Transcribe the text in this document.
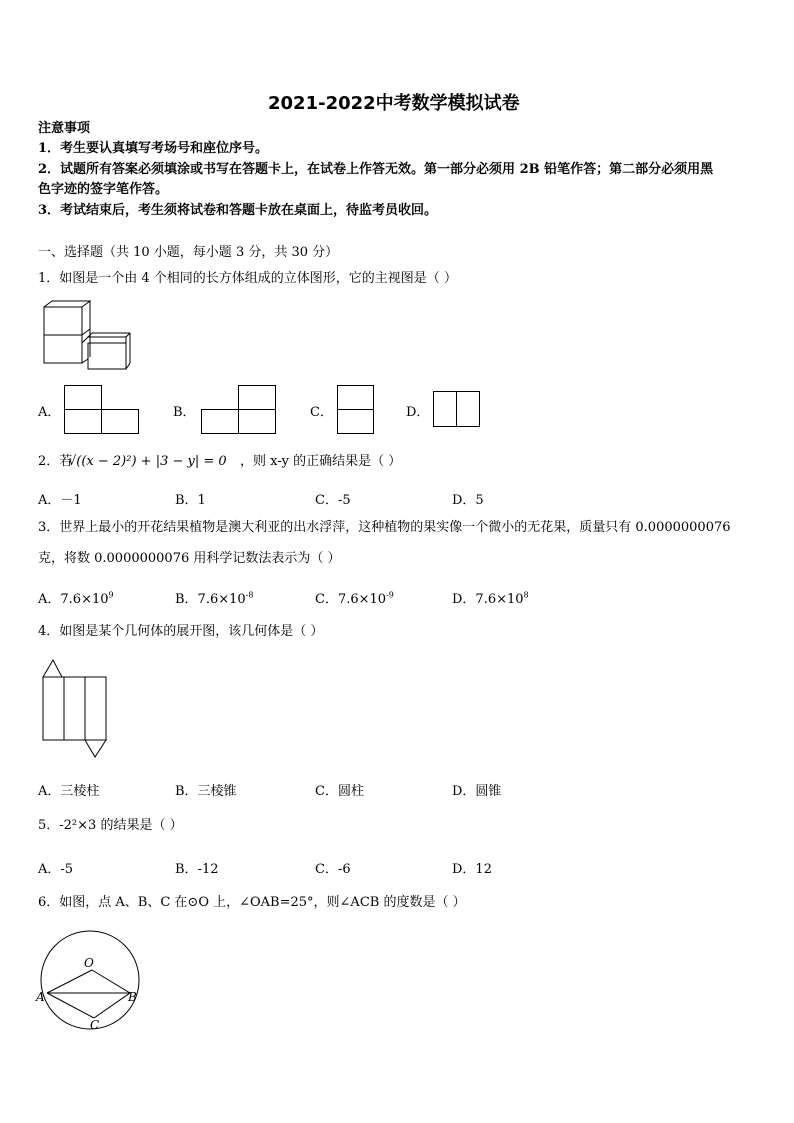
2021-2022中考数学模拟试卷
注意事项
1．考生要认真填写考场号和座位序号。
2．试题所有答案必须填涂或书写在答题卡上，在试卷上作答无效。第一部分必须用 2B 铅笔作答；第二部分必须用黑
色字迹的签字笔作答。
3．考试结束后，考生须将试卷和答题卡放在桌面上，待监考员收回。
一、选择题（共 10 小题，每小题 3 分，共 30 分）
1．如图是一个由 4 个相同的长方体组成的立体图形，它的主视图是（ ）
A．	B．	C．	D．
2．若
√((x − 2)²) + |3 − y| = 0 ，则 x-y 的正确结果是（ ）
A．－1	B．1	C．-5	D．5
3．世界上最小的开花结果植物是澳大利亚的出水浮萍，这种植物的果实像一个微小的无花果，质量只有 0.0000000076
克，将数 0.0000000076 用科学记数法表示为（ ）
A．$7.6\times 10^9$	B．$7.6\times 10^{-8}$	C．$7.6\times 10^{-9}$	D．$7.6\times 10^8$
4．如图是某个几何体的展开图，该几何体是（ ）
A．三棱柱	B．三棱锥	C．圆柱	D．圆锥
5．-2²×3 的结果是（ ）
A．-5	B．-12	C．-6	D．12
6．如图，点 A、B、C 在⊙O 上，∠OAB=25°，则∠ACB 的度数是（ ）
O
A	B
C
